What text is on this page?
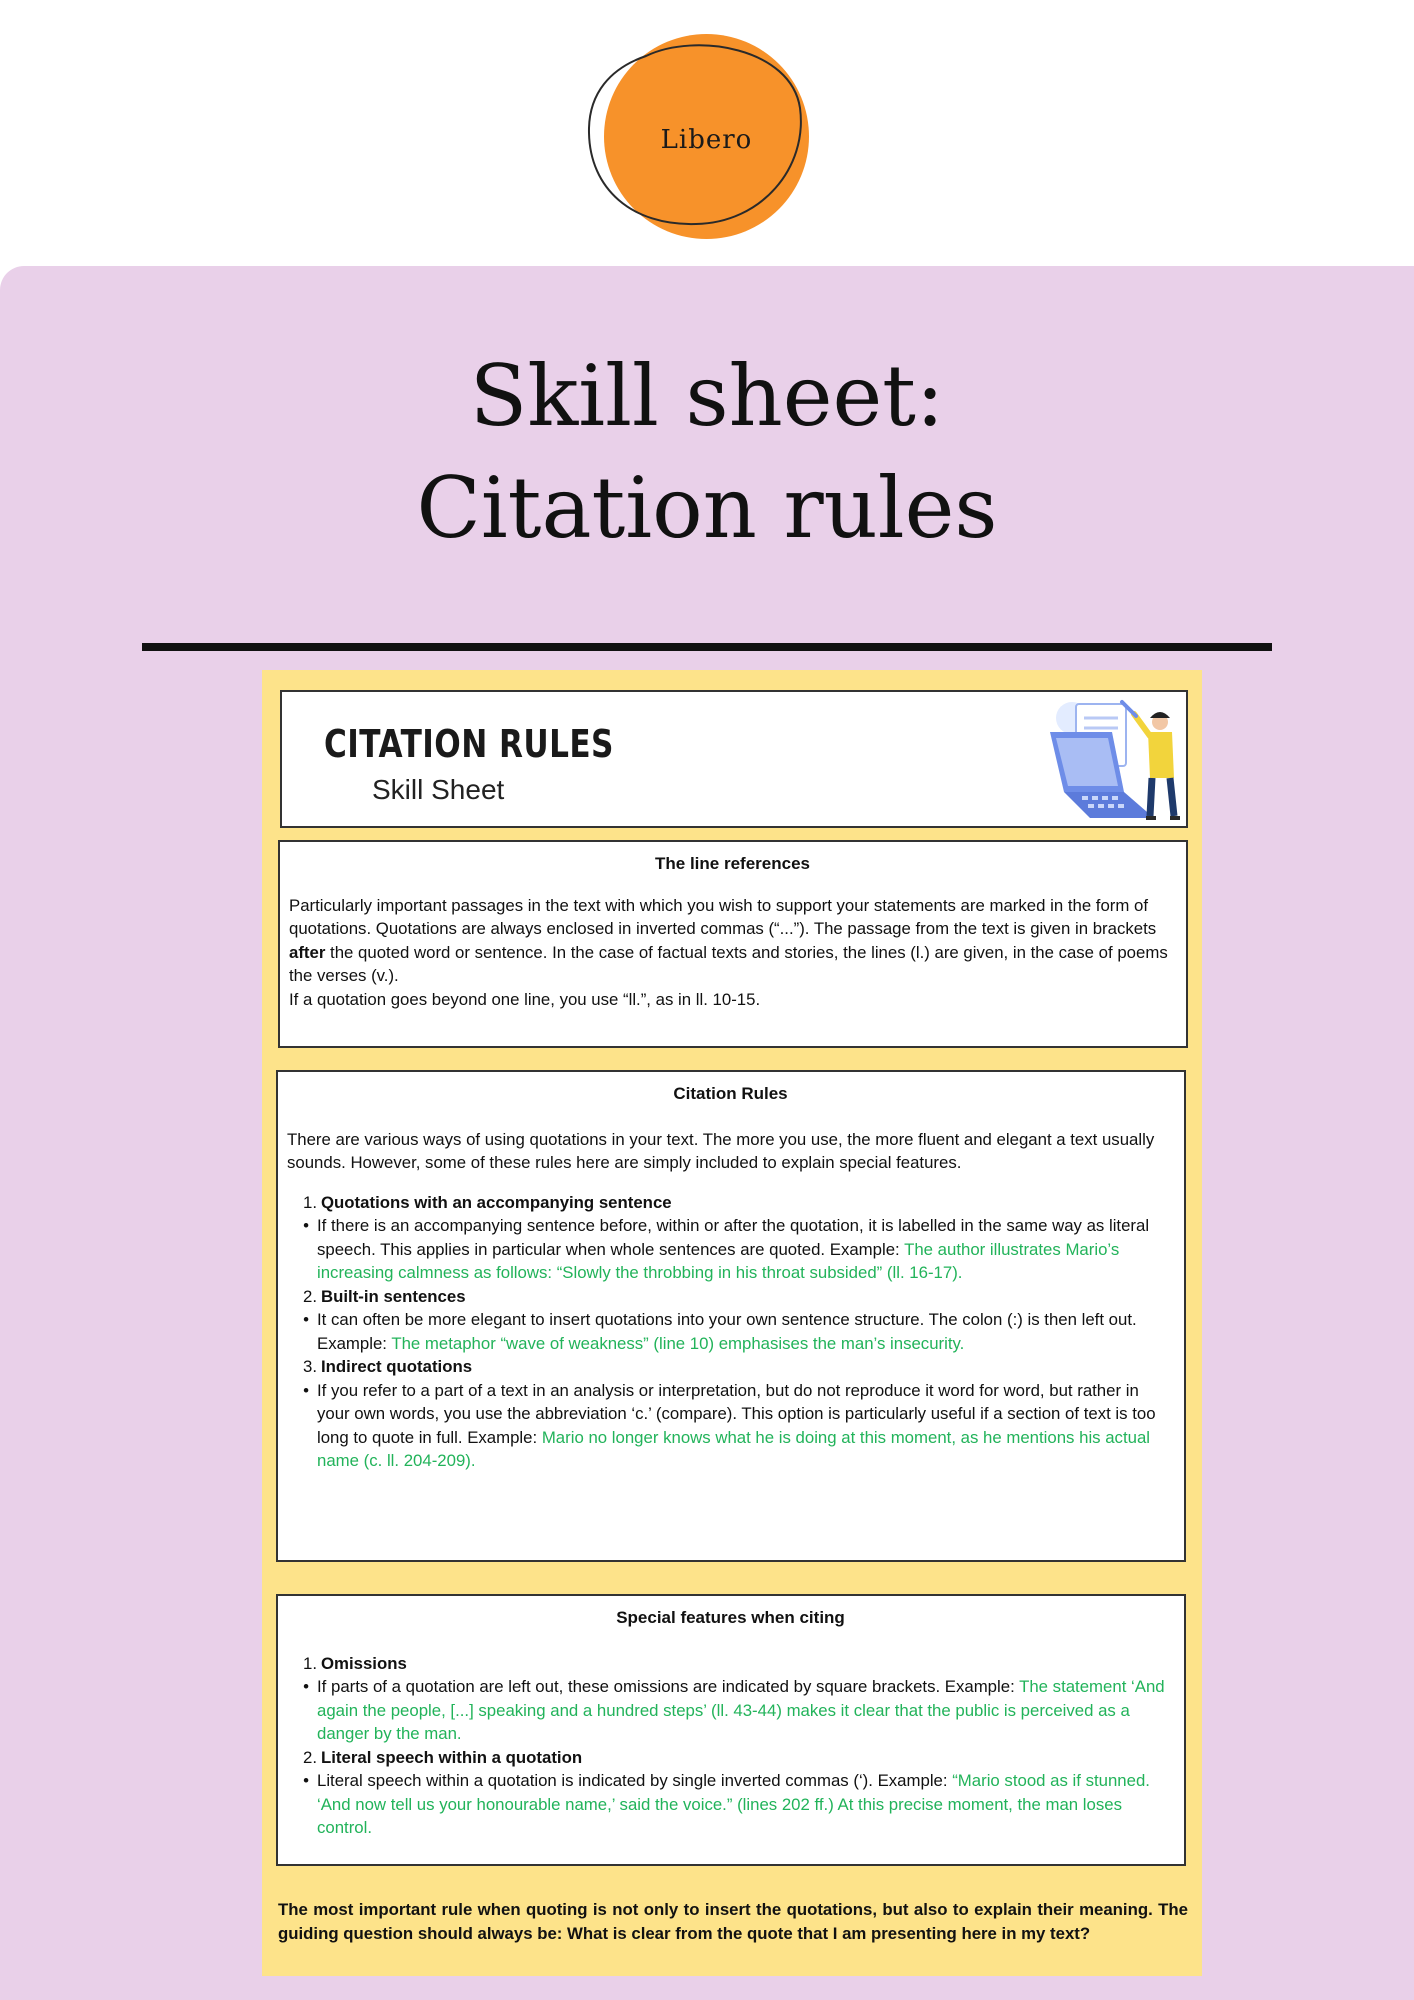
Libero
Skill sheet:
Citation rules
CITATION RULES
Skill Sheet
The line references

Particularly important passages in the text with which you wish to support your statements are marked in the form of quotations. Quotations are always enclosed in inverted commas (“...”). The passage from the text is given in brackets after the quoted word or sentence. In the case of factual texts and stories, the lines (l.) are given, in the case of poems the verses (v.).

If a quotation goes beyond one line, you use “ll.”, as in ll. 10-15.

Citation Rules

There are various ways of using quotations in your text. The more you use, the more fluent and elegant a text usually sounds. However, some of these rules here are simply included to explain special features.

1. Quotations with an accompanying sentence
• If there is an accompanying sentence before, within or after the quotation, it is labelled in the same way as literal speech. This applies in particular when whole sentences are quoted. Example: The author illustrates Mario’s increasing calmness as follows: “Slowly the throbbing in his throat subsided” (ll. 16-17).
2. Built-in sentences
• It can often be more elegant to insert quotations into your own sentence structure. The colon (:) is then left out. Example: The metaphor “wave of weakness” (line 10) emphasises the man’s insecurity.
3. Indirect quotations
• If you refer to a part of a text in an analysis or interpretation, but do not reproduce it word for word, but rather in your own words, you use the abbreviation ‘c.’ (compare). This option is particularly useful if a section of text is too long to quote in full. Example: Mario no longer knows what he is doing at this moment, as he mentions his actual name (c. ll. 204-209).
Special features when citing
1. Omissions
• If parts of a quotation are left out, these omissions are indicated by square brackets. Example: The statement ‘And again the people, [...] speaking and a hundred steps’ (ll. 43-44) makes it clear that the public is perceived as a danger by the man.
2. Literal speech within a quotation
• Literal speech within a quotation is indicated by single inverted commas (‘). Example: “Mario stood as if stunned. ‘And now tell us your honourable name,’ said the voice.” (lines 202 ff.) At this precise moment, the man loses control.
The most important rule when quoting is not only to insert the quotations, but also to explain their meaning. The guiding question should always be: What is clear from the quote that I am presenting here in my text?
